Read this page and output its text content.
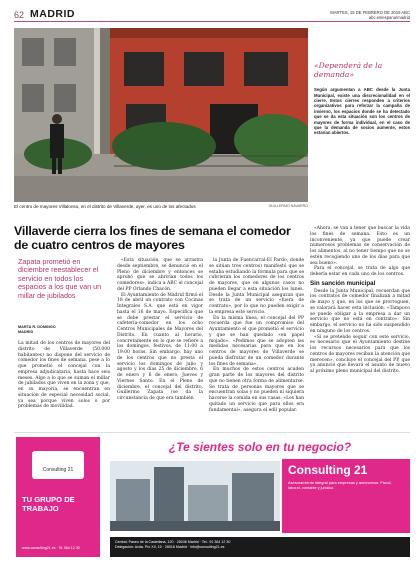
62 MADRID	MARTES, 15 DE FEBRERO DE 2019 ABC
abc.es/espana/madrid
El centro de mayores Villalonso, en el distrito de Villaverde, ayer, es uno de los afectados	GUILLERMO NAVARRO
«Dependerá de la demanda»
Según argumentan a ABC desde la Junta Municipal, existe una discrecionalidad en el cierre. Estos cierres responden a criterios organizativos para reforzar la campaña de invierno, los espacios donde se ha detectado que se da esta situación son los centros de mayores de forma individual, en el caso de que la demanda de socios aumente, estos estarían abiertos.
Villaverde cierra los fines de semana el comedor de cuatro centros de mayores
Zapata prometió en diciembre reestablecer el servicio en todos los espacios a los que van un millar de jubilados
MARTA R. DOMINGO
MADRID
La mitad de los centros de mayores del distrito de Villaverde (50.000 habitantes) no dispone del servicio de comedor los fines de semana, pese a lo que prometió el concejal con la empresa adjudicataria, hasta hace seis meses. Algo a lo que se suman el millar de jubilados que viven en la zona y que, en su mayoría, se encuentran en situación de especial necesidad social, ya sea porque viven solos o por problemas de movilidad.

«Esta situación, que se arrastra desde septiembre, se denunció en el Pleno de diciembre y entonces se aprobó que se abrirían todos los comedores», indica a ABC el concejal del PP Orlando Chacón.

El Ayuntamiento de Madrid firmó el 18 de abril un contrato con Cocinas Integrales S.A. que está en vigor hasta el 16 de mayo. Especifica que se debe prestar el servicio de cafetería-comedor en los ocho Centros Municipales de Mayores del Distrito. En cuanto al horario, concretamente en lo que se refiere a los domingos, festivos, de 11:00 a 19:00 horas. Sin embargo, hay uno de los centros que no presta el servicio los domingos de julio y agosto y los días 25 de diciembre, 6 de enero y 6 de enero, Jueves y Viernes Santo. En el Pleno de diciembre, el concejal del distrito, Guillermo Zapata (se da la circunstancia de que era también

la Junta de Fuencarral-El Pardo, donde se sitúan tres centros) manifestó que se estaba estudiando la fórmula para que se cubrieran los comedores de los centros de mayores, que en algunos casos no pueden llegar a esta situación los lunes. Desde la Junta Municipal aseguran que se trata de un servicio «fuera de contrato», por lo que no pueden exigir a la empresa este servicio.

En la misma línea, el concejal del PP recuerda que fue un compromiso del Ayuntamiento el que prometió el servicio y que se han quedado «en papel mojado». «Pedimos que se adopten las medidas necesarias para que en los centros de mayores de Villaverde se pueda disfrutar de un comedor durante los fines de semana».

En muchos de estos centros acuden gran parte de los mayores del distrito que no tienen otra forma de alimentarse. Se trata de personas mayores que se encuentran solas y no pueden ni siquiera hacerse la comida en sus casas. «Les han quitado un servicio que para ellos era fundamental», asegura el edil popular.

«Ahora, se van a tener que buscar la vida los fines de semana. Esto es un inconveniente, ya que puede crear numerosos problemas de conservación de los alimentos, al no tener tiempo que no se estén recogiendo uno de los días para que sea bueno».

Para el concejal, se trata de algo que debería estar en cada uno de los centros.

Sin sanción municipal

Desde la Junta Municipal, recuerdan que los contratos de comedor finalizan a mitad de mayo y que, en los que se prorroguen, se valorará hacer esta inclusión. «Tampoco se puede obligar a la empresa a dar un servicio que no está en contrato». Sin embargo, el servicio no ha sido suspendido en ninguno de los centros.

«Si se pretende seguir con este servicio, es necesario que el Ayuntamiento destine los recursos necesarios para que los centros de mayores reciban la atención que merecen», concluye el concejal del PP, que ya anunció que llevará el asunto de nuevo al próximo pleno municipal del distrito.

Consulting 21
TU GRUPO DE TRABAJO
www.consulting21.es · 91 364 12 30
¿Te sientes solo en tu negocio?
Consulting 21
Asesoramiento integral para empresas y autónomos. Fiscal, laboral, contable y jurídico.
Central: Paseo de la Castellana, 120 · 28046 Madrid · Tel.: 91 364 12 30
Delegación: Avda. Pío XII, 15 · 28016 Madrid · info@consulting21.es
